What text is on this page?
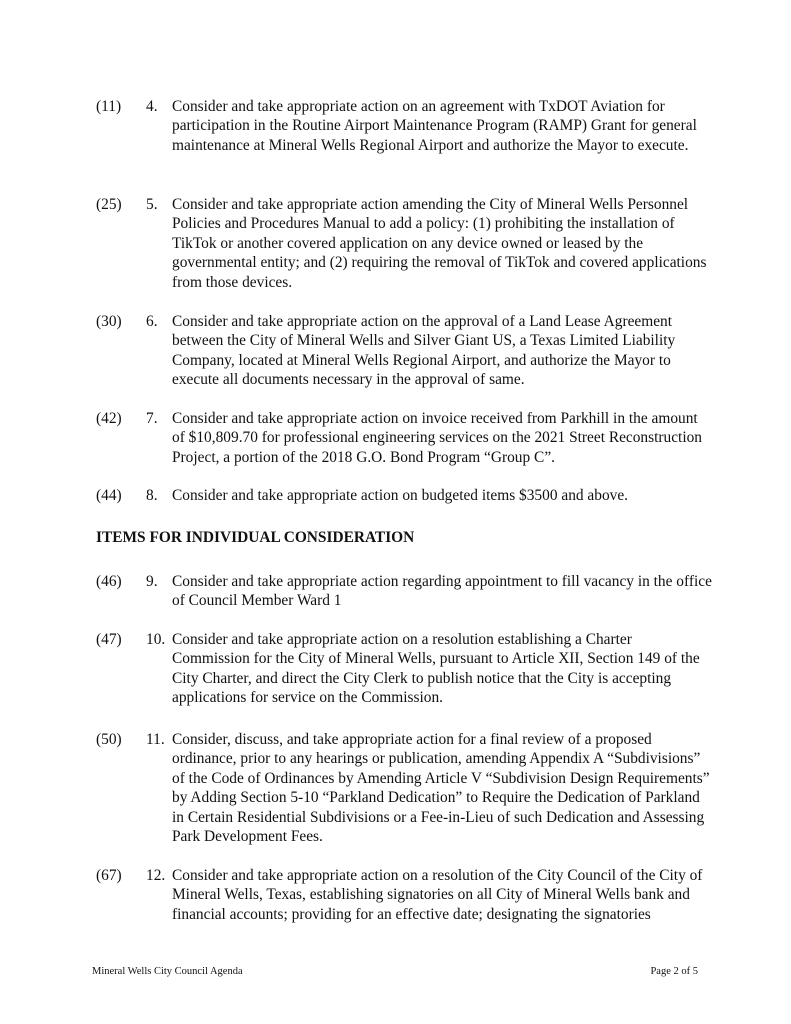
(11) 4. Consider and take appropriate action on an agreement with TxDOT Aviation for participation in the Routine Airport Maintenance Program (RAMP) Grant for general maintenance at Mineral Wells Regional Airport and authorize the Mayor to execute.
(25) 5. Consider and take appropriate action amending the City of Mineral Wells Personnel Policies and Procedures Manual to add a policy: (1) prohibiting the installation of TikTok or another covered application on any device owned or leased by the governmental entity; and (2) requiring the removal of TikTok and covered applications from those devices.
(30) 6. Consider and take appropriate action on the approval of a Land Lease Agreement between the City of Mineral Wells and Silver Giant US, a Texas Limited Liability Company, located at Mineral Wells Regional Airport, and authorize the Mayor to execute all documents necessary in the approval of same.
(42) 7. Consider and take appropriate action on invoice received from Parkhill in the amount of $10,809.70 for professional engineering services on the 2021 Street Reconstruction Project, a portion of the 2018 G.O. Bond Program “Group C”.
(44) 8. Consider and take appropriate action on budgeted items $3500 and above.
ITEMS FOR INDIVIDUAL CONSIDERATION
(46) 9. Consider and take appropriate action regarding appointment to fill vacancy in the office of Council Member Ward 1
(47) 10. Consider and take appropriate action on a resolution establishing a Charter Commission for the City of Mineral Wells, pursuant to Article XII, Section 149 of the City Charter, and direct the City Clerk to publish notice that the City is accepting applications for service on the Commission.
(50) 11. Consider, discuss, and take appropriate action for a final review of a proposed ordinance, prior to any hearings or publication, amending Appendix A “Subdivisions” of the Code of Ordinances by Amending Article V “Subdivision Design Requirements” by Adding Section 5-10 “Parkland Dedication” to Require the Dedication of Parkland in Certain Residential Subdivisions or a Fee-in-Lieu of such Dedication and Assessing Park Development Fees.
(67) 12. Consider and take appropriate action on a resolution of the City Council of the City of Mineral Wells, Texas, establishing signatories on all City of Mineral Wells bank and financial accounts; providing for an effective date; designating the signatories
Mineral Wells City Council Agenda	Page 2 of 5
